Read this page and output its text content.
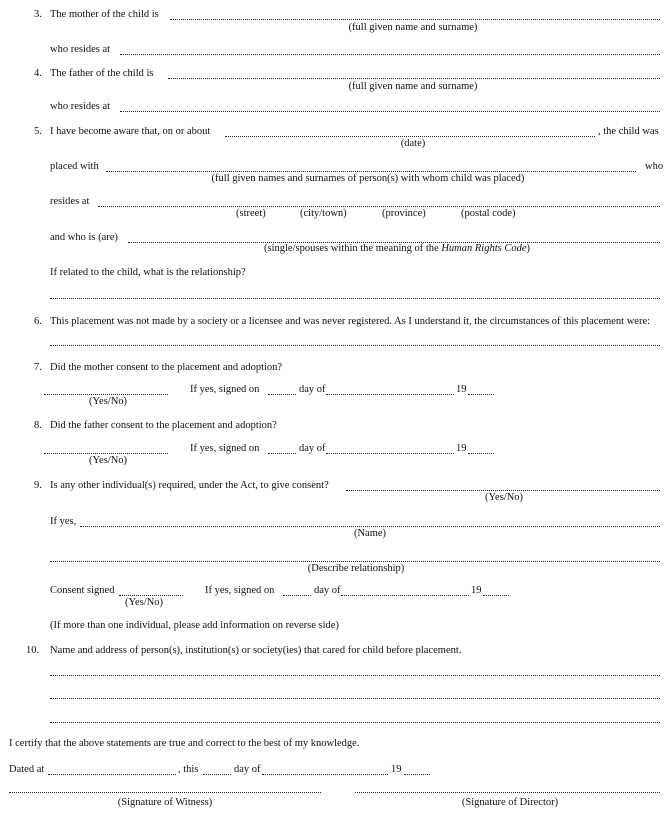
3. The mother of the child is
(full given name and surname)
who resides at
4. The father of the child is
(full given name and surname)
who resides at
5. I have become aware that, on or about	, the child was
(date)
placed with	who
(full given names and surnames of person(s) with whom child was placed)
resides at
(street)	(city/town)	(province)	(postal code)
and who is (are)
(single/spouses within the meaning of the Human Rights Code)
If related to the child, what is the relationship?
6. This placement was not made by a society or a licensee and was never registered. As I understand it, the circumstances of this placement were:
7. Did the mother consent to the placement and adoption?
(Yes/No)
If yes, signed on	day of	19
8. Did the father consent to the placement and adoption?
(Yes/No)
If yes, signed on	day of	19
9. Is any other individual(s) required, under the Act, to give consent?
(Yes/No)
If yes,
(Name)
(Describe relationship)
Consent signed
(Yes/No)
If yes, signed on	day of	19
(If more than one individual, please add information on reverse side)
10. Name and address of person(s), institution(s) or society(ies) that cared for child before placement.
I certify that the above statements are true and correct to the best of my knowledge.
Dated at	, this	day of	19
(Signature of Witness)	(Signature of Director)
